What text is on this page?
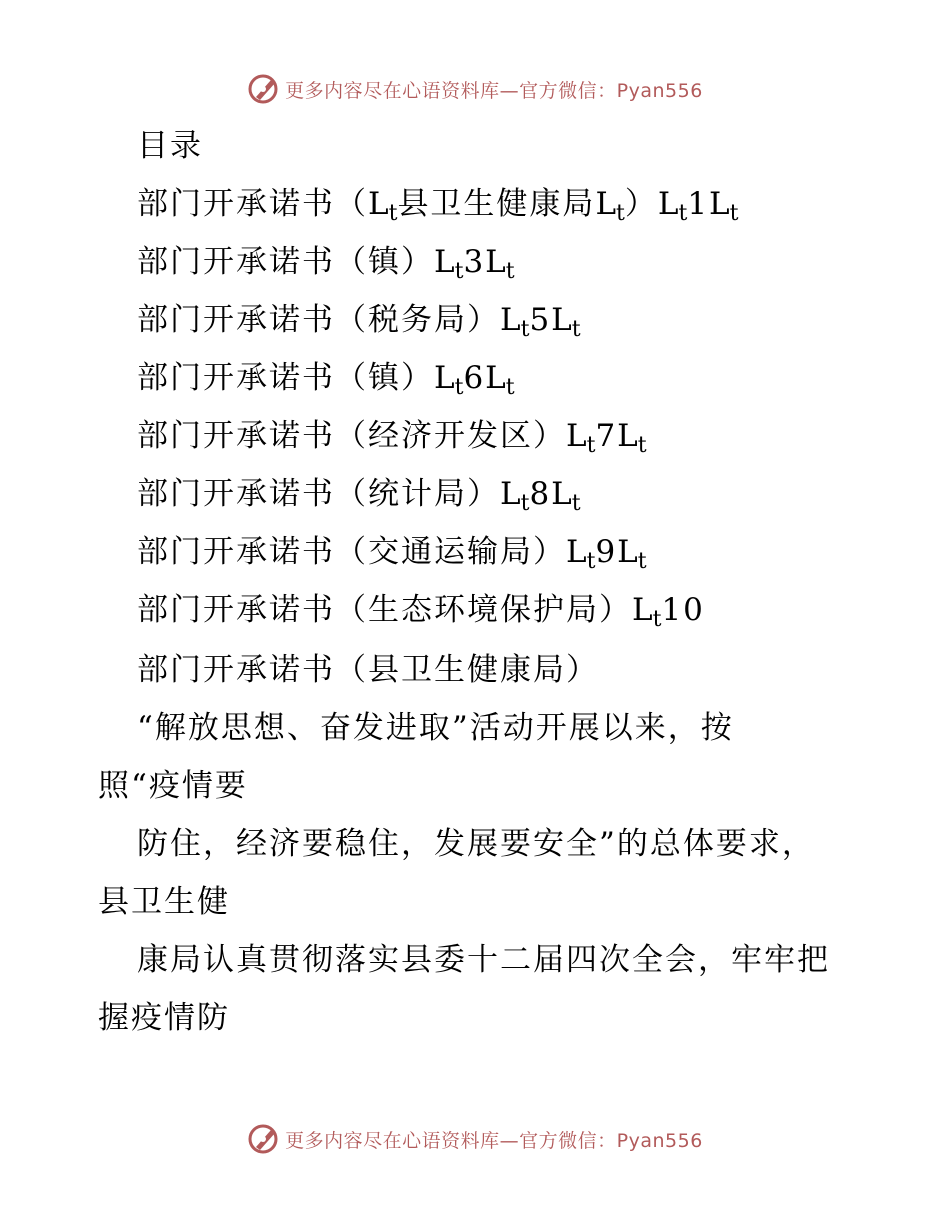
更多内容尽在心语资料库—官方微信：Pyan556
目录
部门开承诺书（$L_t$县卫生健康局$L_t)L_t1L_t$
部门开承诺书（镇）$L_t3L_t$
部门开承诺书（税务局）$L_t5L_t$
部门开承诺书（镇）$L_t6L_t$
部门开承诺书（经济开发区）$L_t7L_t$
部门开承诺书（统计局）$L_t8L_t$
部门开承诺书（交通运输局）$L_t9L_t$
部门开承诺书（生态环境保护局）$L_t10$
部门开承诺书（县卫生健康局）
“解放思想、奋发进取”活动开展以来，按
照“疫情要
防住，经济要稳住，发展要安全”的总体要求，
县卫生健
康局认真贯彻落实县委十二届四次全会，牢牢把
握疫情防
更多内容尽在心语资料库—官方微信：Pyan556
